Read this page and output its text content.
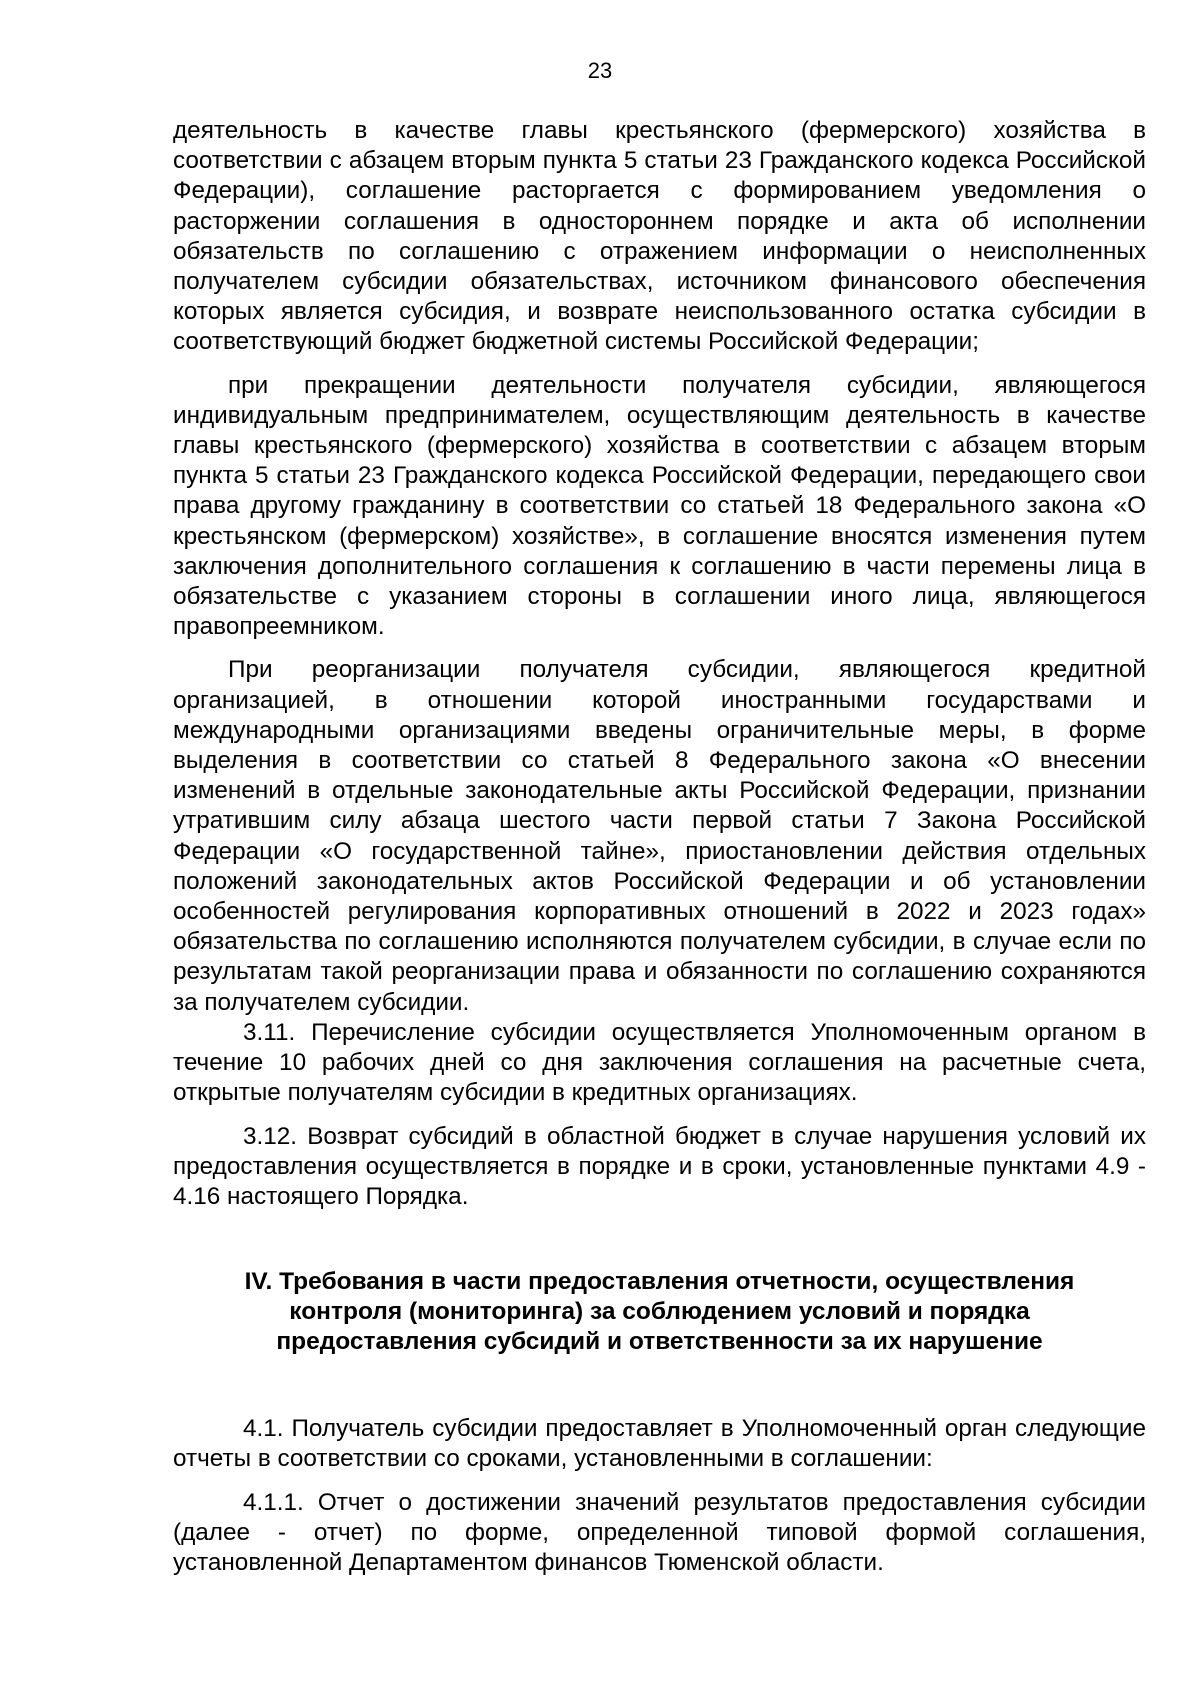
23

деятельность в качестве главы крестьянского (фермерского) хозяйства в соответствии с абзацем вторым пункта 5 статьи 23 Гражданского кодекса Российской Федерации), соглашение расторгается с формированием уведомления о расторжении соглашения в одностороннем порядке и акта об исполнении обязательств по соглашению с отражением информации о неисполненных получателем субсидии обязательствах, источником финансового обеспечения которых является субсидия, и возврате неиспользованного остатка субсидии в соответствующий бюджет бюджетной системы Российской Федерации;

при прекращении деятельности получателя субсидии, являющегося индивидуальным предпринимателем, осуществляющим деятельность в качестве главы крестьянского (фермерского) хозяйства в соответствии с абзацем вторым пункта 5 статьи 23 Гражданского кодекса Российской Федерации, передающего свои права другому гражданину в соответствии со статьей 18 Федерального закона «О крестьянском (фермерском) хозяйстве», в соглашение вносятся изменения путем заключения дополнительного соглашения к соглашению в части перемены лица в обязательстве с указанием стороны в соглашении иного лица, являющегося правопреемником.

При реорганизации получателя субсидии, являющегося кредитной организацией, в отношении которой иностранными государствами и международными организациями введены ограничительные меры, в форме выделения в соответствии со статьей 8 Федерального закона «О внесении изменений в отдельные законодательные акты Российской Федерации, признании утратившим силу абзаца шестого части первой статьи 7 Закона Российской Федерации «О государственной тайне», приостановлении действия отдельных положений законодательных актов Российской Федерации и об установлении особенностей регулирования корпоративных отношений в 2022 и 2023 годах» обязательства по соглашению исполняются получателем субсидии, в случае если по результатам такой реорганизации права и обязанности по соглашению сохраняются за получателем субсидии.

3.11. Перечисление субсидии осуществляется Уполномоченным органом в течение 10 рабочих дней со дня заключения соглашения на расчетные счета, открытые получателям субсидии в кредитных организациях.

3.12. Возврат субсидий в областной бюджет в случае нарушения условий их предоставления осуществляется в порядке и в сроки, установленные пунктами 4.9 - 4.16 настоящего Порядка.

IV. Требования в части предоставления отчетности, осуществления
контроля (мониторинга) за соблюдением условий и порядка
предоставления субсидий и ответственности за их нарушение

4.1. Получатель субсидии предоставляет в Уполномоченный орган следующие отчеты в соответствии со сроками, установленными в соглашении:

4.1.1. Отчет о достижении значений результатов предоставления субсидии (далее - отчет) по форме, определенной типовой формой соглашения, установленной Департаментом финансов Тюменской области.
